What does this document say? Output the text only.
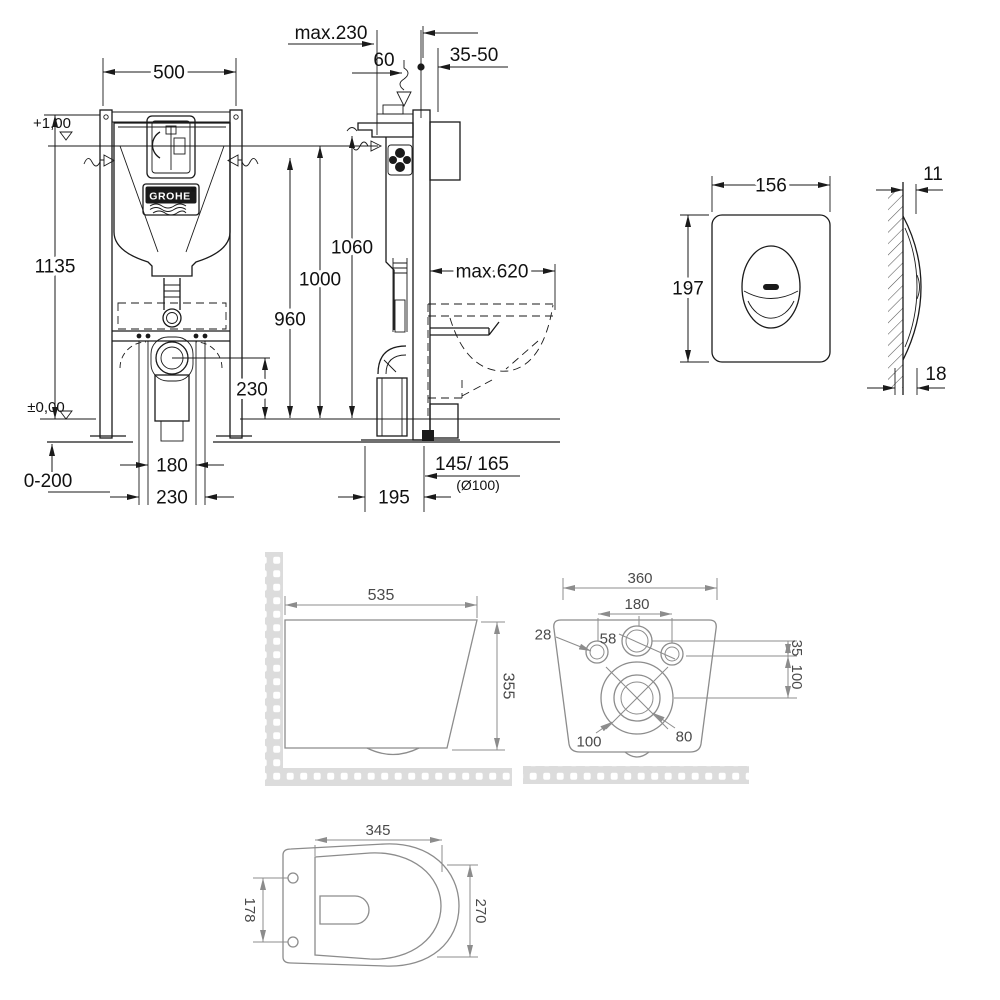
GROHE ®
+1,00
±0,00
500
1135
0-200
180
230
230
max.230
60	35-50
1060
1000
960
max.620
145/ 165
(Ø100)
195
156
197
11
18
535
355
360
180
28	58
35
100
80
100
345
178	270
